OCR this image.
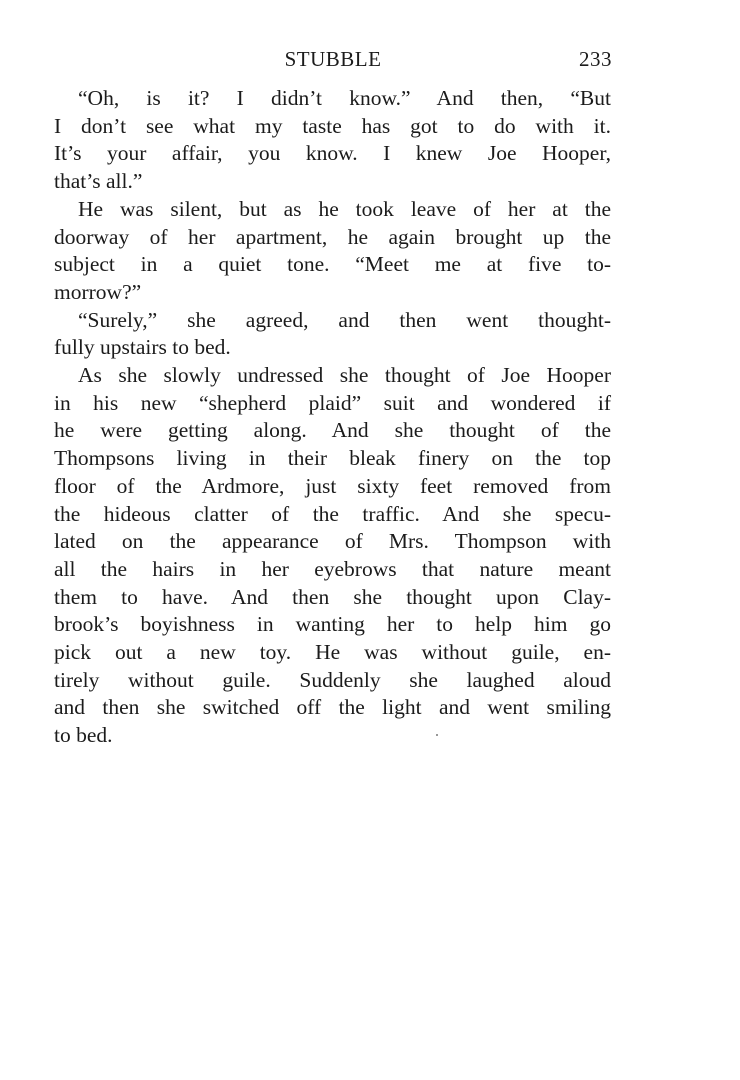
STUBBLE	233

“Oh, is it? I didn’t know.” And then, “But
I don’t see what my taste has got to do with it.
It’s your affair, you know. I knew Joe Hooper,
that’s all.”

He was silent, but as he took leave of her at the
doorway of her apartment, he again brought up the
subject in a quiet tone. “Meet me at five to-
morrow?”

“Surely,” she agreed, and then went thought-
fully upstairs to bed.

As she slowly undressed she thought of Joe Hooper
in his new “shepherd plaid” suit and wondered if
he were getting along. And she thought of the
Thompsons living in their bleak finery on the top
floor of the Ardmore, just sixty feet removed from
the hideous clatter of the traffic. And she specu-
lated on the appearance of Mrs. Thompson with
all the hairs in her eyebrows that nature meant
them to have. And then she thought upon Clay-
brook’s boyishness in wanting her to help him go
pick out a new toy. He was without guile, en-
tirely without guile. Suddenly she laughed aloud
and then she switched off the light and went smiling
to bed.
